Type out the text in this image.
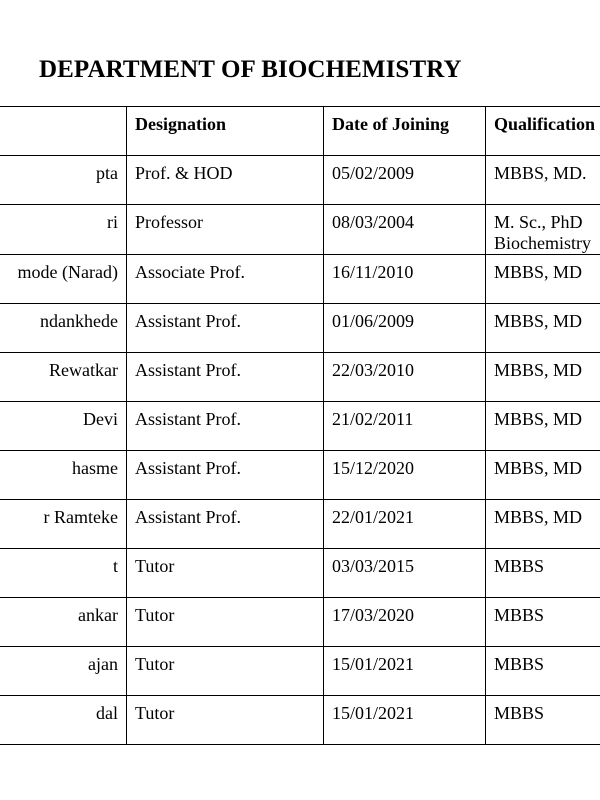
DEPARTMENT OF BIOCHEMISTRY
	Designation	Date of Joining	Qualification
pta	Prof. & HOD	05/02/2009	MBBS, MD.

ri	Professor	08/03/2004	M. Sc., PhD
Biochemistry

mode (Narad)	Associate Prof.	16/11/2010	MBBS, MD

ndankhede	Assistant Prof.	01/06/2009	MBBS, MD

Rewatkar	Assistant Prof.	22/03/2010	MBBS, MD

Devi	Assistant Prof.	21/02/2011	MBBS, MD

hasme	Assistant Prof.	15/12/2020	MBBS, MD

r Ramteke	Assistant Prof.	22/01/2021	MBBS, MD

t	Tutor	03/03/2015	MBBS

ankar	Tutor	17/03/2020	MBBS

ajan	Tutor	15/01/2021	MBBS

dal	Tutor	15/01/2021	MBBS
